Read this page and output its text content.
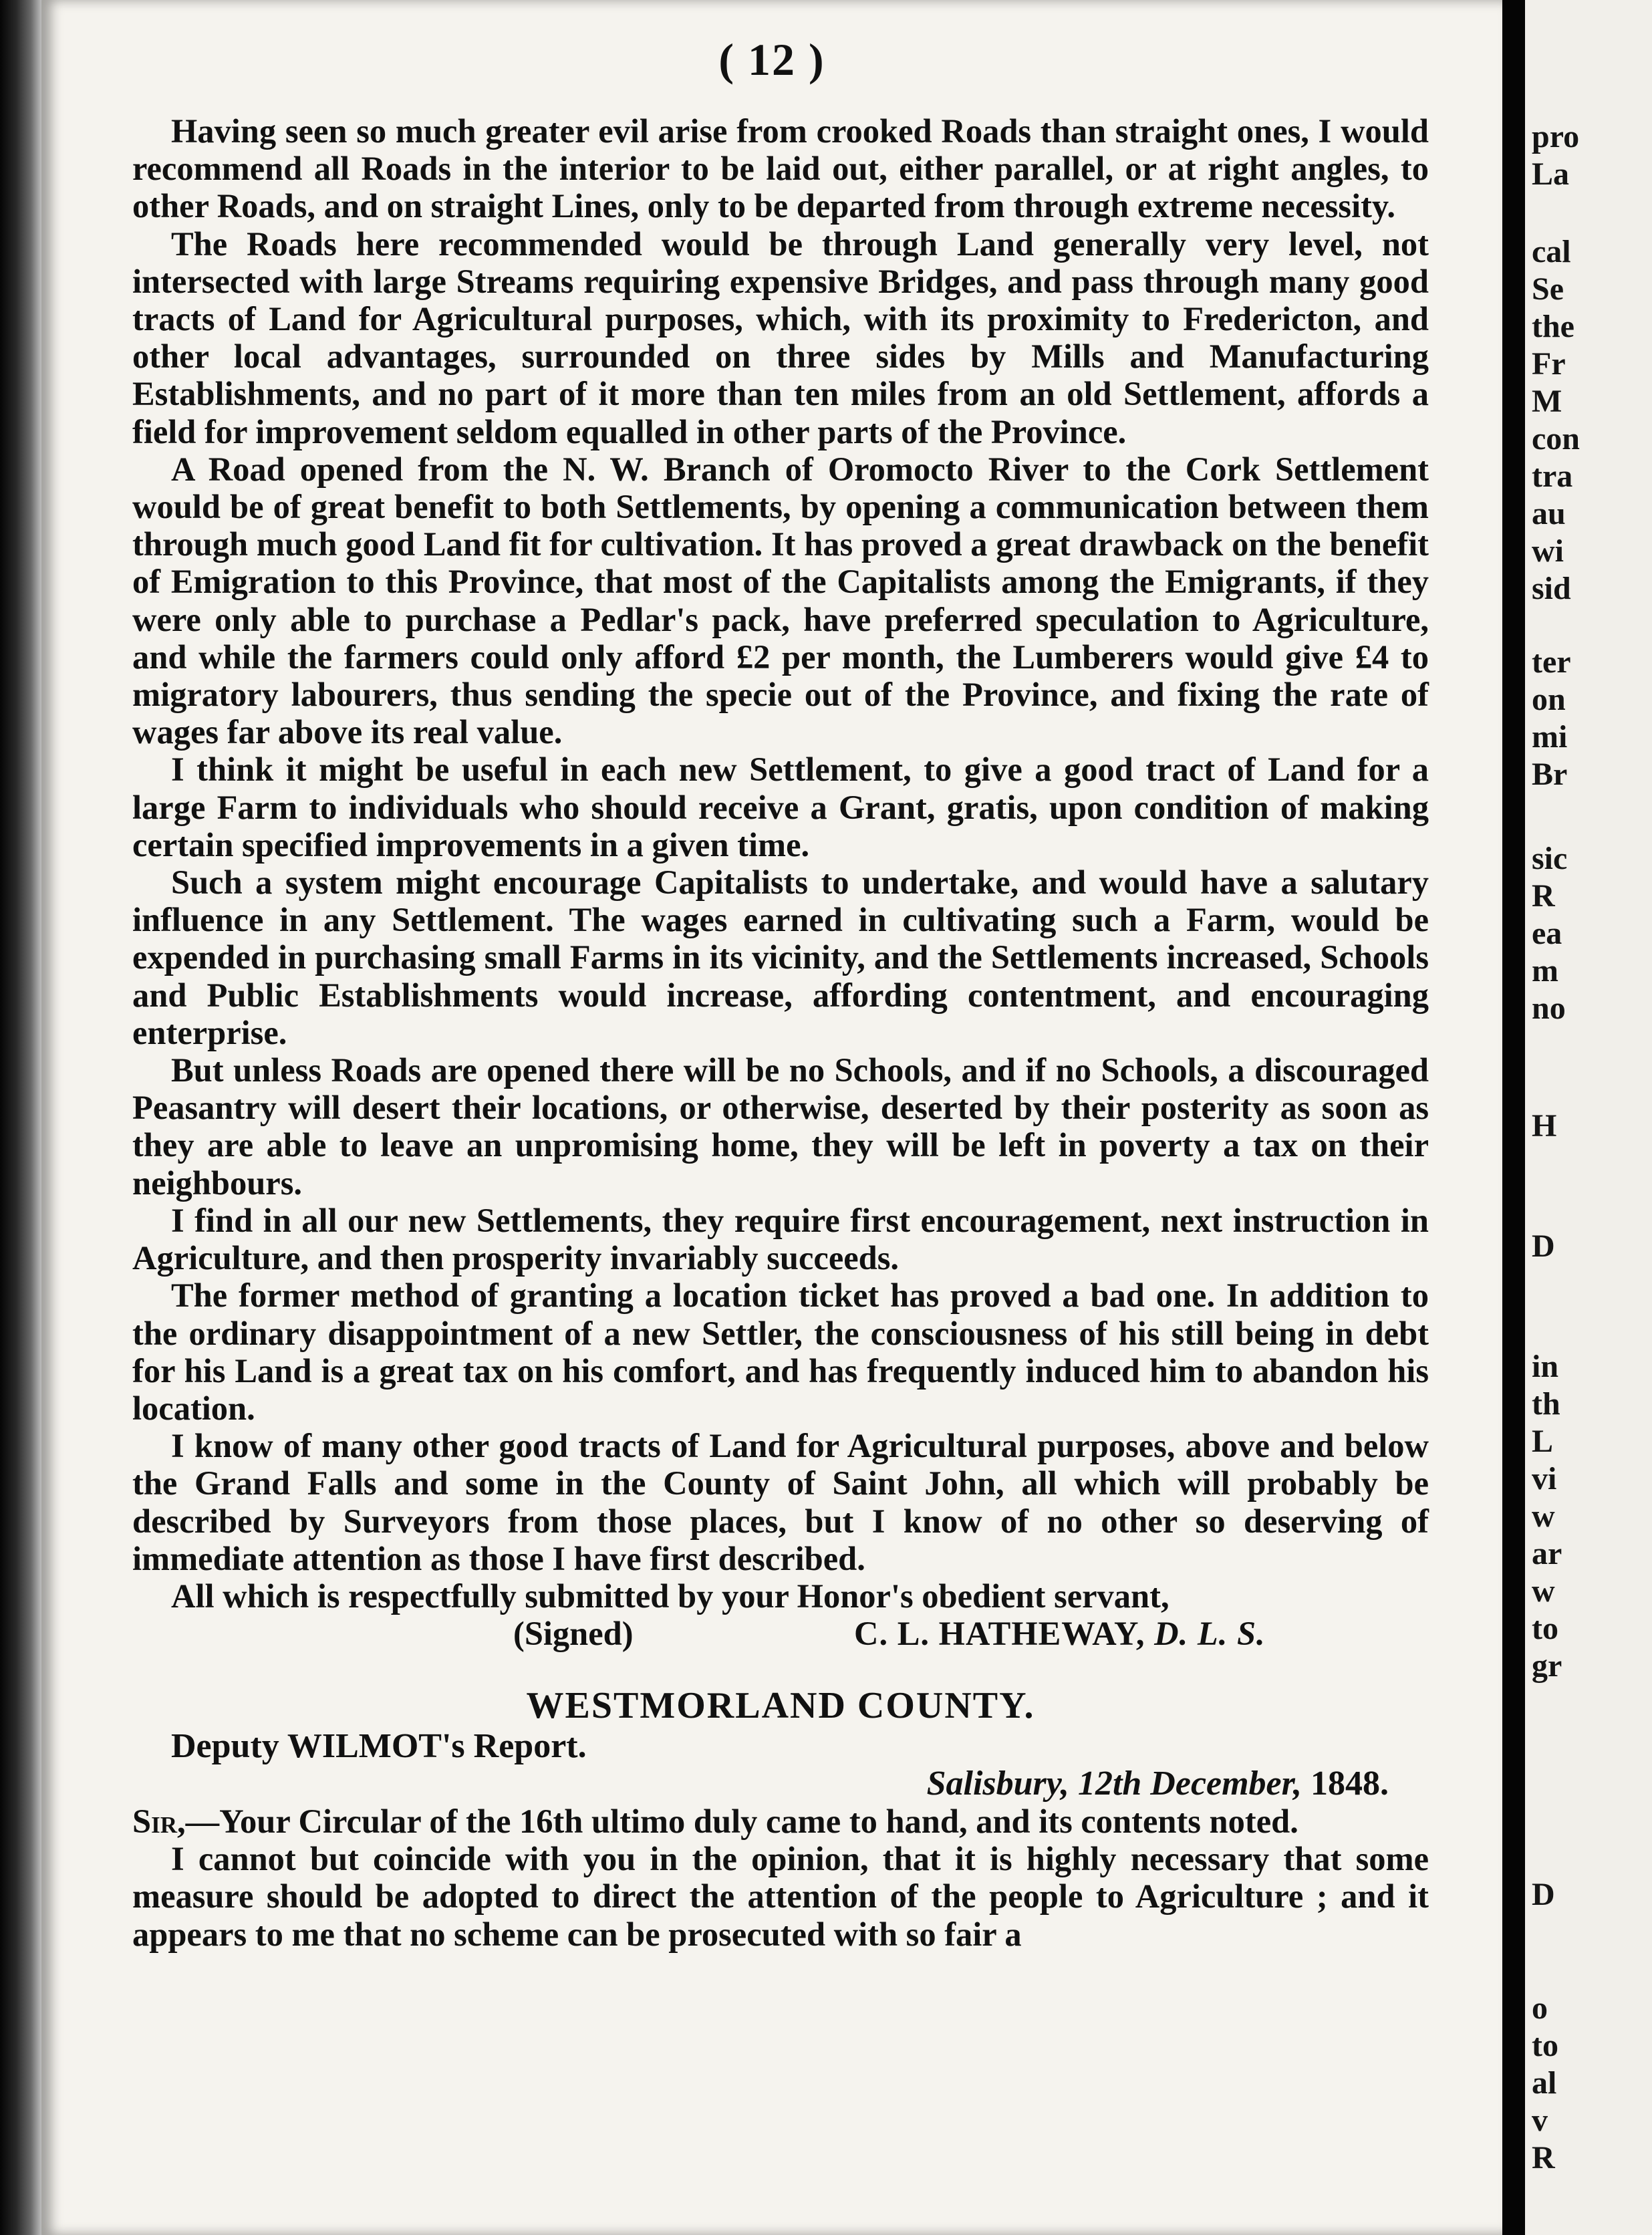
( 12 )

Having seen so much greater evil arise from crooked Roads than straight ones, I would recommend all Roads in the interior to be laid out, either parallel, or at right angles, to other Roads, and on straight Lines, only to be departed from through extreme necessity.

The Roads here recommended would be through Land generally very level, not intersected with large Streams requiring expensive Bridges, and pass through many good tracts of Land for Agricultural purposes, which, with its proximity to Fredericton, and other local advantages, surrounded on three sides by Mills and Manufacturing Establishments, and no part of it more than ten miles from an old Settlement, affords a field for improvement seldom equalled in other parts of the Province.

A Road opened from the N. W. Branch of Oromocto River to the Cork Settlement would be of great benefit to both Settlements, by opening a communication between them through much good Land fit for cultivation. It has proved a great drawback on the benefit of Emigration to this Province, that most of the Capitalists among the Emigrants, if they were only able to purchase a Pedlar's pack, have preferred speculation to Agriculture, and while the farmers could only afford £2 per month, the Lumberers would give £4 to migratory labourers, thus sending the specie out of the Province, and fixing the rate of wages far above its real value.

I think it might be useful in each new Settlement, to give a good tract of Land for a large Farm to individuals who should receive a Grant, gratis, upon condition of making certain specified improvements in a given time.

Such a system might encourage Capitalists to undertake, and would have a salutary influence in any Settlement. The wages earned in cultivating such a Farm, would be expended in purchasing small Farms in its vicinity, and the Settlements increased, Schools and Public Establishments would increase, affording contentment, and encouraging enterprise.

But unless Roads are opened there will be no Schools, and if no Schools, a discouraged Peasantry will desert their locations, or otherwise, deserted by their posterity as soon as they are able to leave an unpromising home, they will be left in poverty a tax on their neighbours.

I find in all our new Settlements, they require first encouragement, next instruction in Agriculture, and then prosperity invariably succeeds.

The former method of granting a location ticket has proved a bad one. In addition to the ordinary disappointment of a new Settler, the consciousness of his still being in debt for his Land is a great tax on his comfort, and has frequently induced him to abandon his location.

I know of many other good tracts of Land for Agricultural purposes, above and below the Grand Falls and some in the County of Saint John, all which will probably be described by Surveyors from those places, but I know of no other so deserving of immediate attention as those I have first described.

All which is respectfully submitted by your Honor's obedient servant,

(Signed)	C. L. HATHEWAY, D. L. S.
WESTMORLAND COUNTY.

Deputy WILMOT's Report.

Salisbury, 12th December, 1848.

Sir,—Your Circular of the 16th ultimo duly came to hand, and its contents noted.

I cannot but coincide with you in the opinion, that it is highly necessary that some measure should be adopted to direct the attention of the people to Agriculture ; and it appears to me that no scheme can be prosecuted with so fair a

pro
La
cal
Se
the
Fr
M
con
tra
au
wi
sid
ter
on
mi
Br
sic
R
ea
m
no
H
D
in
th
L
vi
w
ar
w
to
gr
D
o
to
al
v
R
